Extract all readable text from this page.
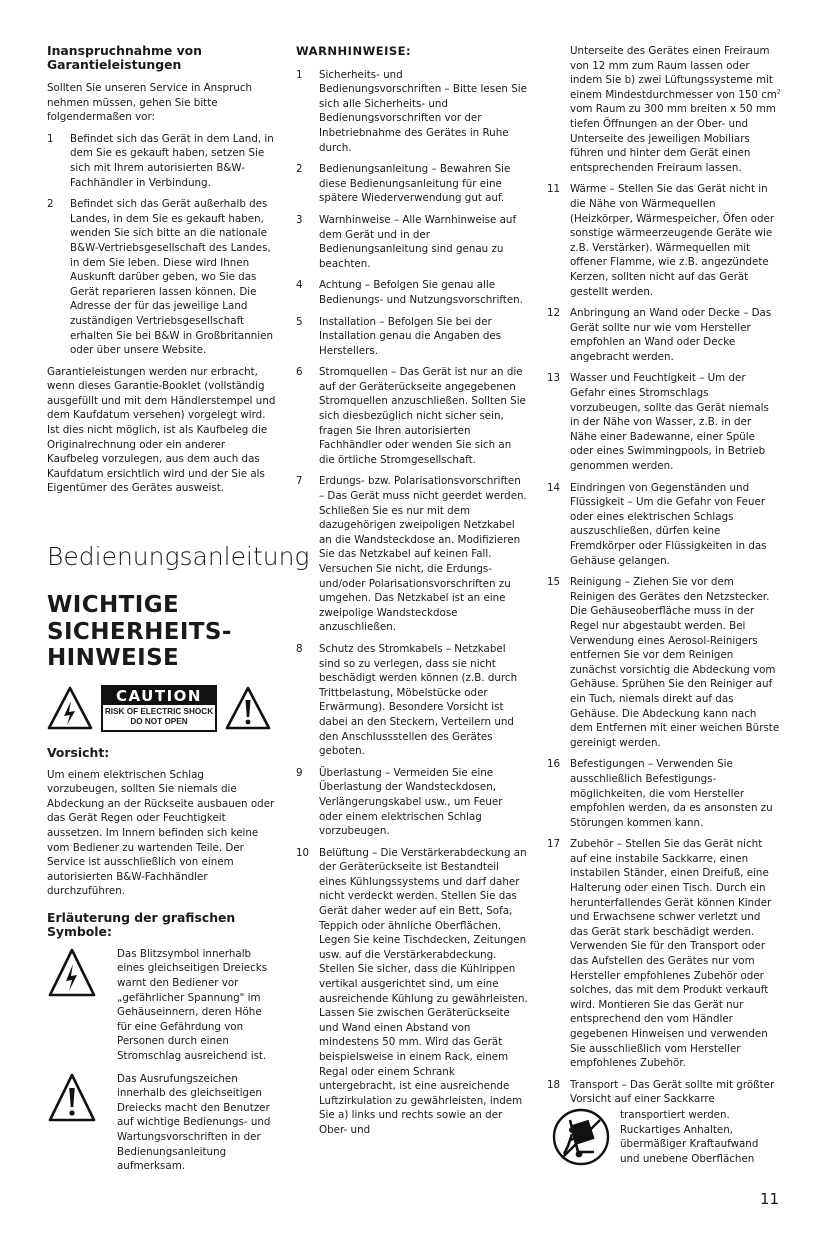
Inanspruchnahme von Garantieleistungen
Sollten Sie unseren Service in Anspruch nehmen müssen, gehen Sie bitte folgendermaßen vor:
1	Befindet sich das Gerät in dem Land, in dem Sie es gekauft haben, setzen Sie sich mit Ihrem autorisierten B&W-Fachhändler in Verbindung.
2	Befindet sich das Gerät außerhalb des Landes, in dem Sie es gekauft haben, wenden Sie sich bitte an die nationale B&W-Vertriebsgesellschaft des Landes, in dem Sie leben. Diese wird Ihnen Auskunft darüber geben, wo Sie das Gerät reparieren lassen können. Die Adresse der für das jeweilige Land zuständigen Vertriebsgesellschaft erhalten Sie bei B&W in Großbritannien oder über unsere Website.
Garantieleistungen werden nur erbracht, wenn dieses Garantie-Booklet (vollständig ausgefüllt und mit dem Händlerstempel und dem Kaufdatum versehen) vorgelegt wird. Ist dies nicht möglich, ist als Kaufbeleg die Originalrechnung oder ein anderer Kaufbeleg vorzulegen, aus dem auch das Kaufdatum ersichtlich wird und der Sie als Eigentümer des Gerätes ausweist.
Bedienungsanleitung
WICHTIGE SICHERHEITS-HINWEISE
CAUTION
RISK OF ELECTRIC SHOCK DO NOT OPEN
Vorsicht:
Um einem elektrischen Schlag vorzubeugen, sollten Sie niemals die Abdeckung an der Rückseite ausbauen oder das Gerät Regen oder Feuchtigkeit aussetzen. Im Innern befinden sich keine vom Bediener zu wartenden Teile. Der Service ist ausschließlich von einem autorisierten B&W-Fachhändler durchzuführen.
Erläuterung der grafischen Symbole:
Das Blitzsymbol innerhalb eines gleichseitigen Dreiecks warnt den Bediener vor „gefährlicher Spannung" im Gehäuseinnern, deren Höhe für eine Gefährdung von Personen durch einen Stromschlag ausreichend ist.
Das Ausrufungszeichen innerhalb des gleichseitigen Dreiecks macht den Benutzer auf wichtige Bedienungs- und Wartungsvorschriften in der Bedienungsanleitung aufmerksam.
WARNHINWEISE:
1	Sicherheits- und Bedienungsvorschriften – Bitte lesen Sie sich alle Sicherheits- und Bedienungsvorschriften vor der Inbetriebnahme des Gerätes in Ruhe durch.
2	Bedienungsanleitung – Bewahren Sie diese Bedienungsanleitung für eine spätere Wiederverwendung gut auf.
3	Warnhinweise – Alle Warnhinweise auf dem Gerät und in der Bedienungsanleitung sind genau zu beachten.
4	Achtung – Befolgen Sie genau alle Bedienungs- und Nutzungsvorschriften.
5	Installation – Befolgen Sie bei der Installation genau die Angaben des Herstellers.
6	Stromquellen – Das Gerät ist nur an die auf der Geräterückseite angegebenen Stromquellen anzuschließen. Sollten Sie sich diesbezüglich nicht sicher sein, fragen Sie Ihren autorisierten Fachhändler oder wenden Sie sich an die örtliche Stromgesellschaft.
7	Erdungs- bzw. Polarisationsvorschriften – Das Gerät muss nicht geerdet werden. Schließen Sie es nur mit dem dazugehörigen zweipoligen Netzkabel an die Wandsteckdose an. Modifizieren Sie das Netzkabel auf keinen Fall. Versuchen Sie nicht, die Erdungs- und/oder Polarisationsvorschriften zu umgehen. Das Netzkabel ist an eine zweipolige Wandsteckdose anzuschließen.
8	Schutz des Stromkabels – Netzkabel sind so zu verlegen, dass sie nicht beschädigt werden können (z.B. durch Trittbelastung, Möbelstücke oder Erwärmung). Besondere Vorsicht ist dabei an den Steckern, Verteilern und den Anschlussstellen des Gerätes geboten.
9	Überlastung – Vermeiden Sie eine Überlastung der Wandsteckdosen, Verlängerungskabel usw., um Feuer oder einem elektrischen Schlag vorzubeugen.
10 Belüftung – Die Verstärkerabdeckung an der Geräterückseite ist Bestandteil eines Kühlungssystems und darf daher nicht verdeckt werden. Stellen Sie das Gerät daher weder auf ein Bett, Sofa, Teppich oder ähnliche Oberflächen. Legen Sie keine Tischdecken, Zeitungen usw. auf die Verstärkerabdeckung. Stellen Sie sicher, dass die Kühlrippen vertikal ausgerichtet sind, um eine ausreichende Kühlung zu gewährleisten. Lassen Sie zwischen Geräterückseite und Wand einen Abstand von mindestens 50 mm. Wird das Gerät beispielsweise in einem Rack, einem Regal oder einem Schrank untergebracht, ist eine ausreichende Luftzirkulation zu gewährleisten, indem Sie a) links und rechts sowie an der Ober- und
Unterseite des Gerätes einen Freiraum von 12 mm zum Raum lassen oder indem Sie b) zwei Lüftungssysteme mit einem Mindestdurchmesser von 150 $cm^2$ vom Raum zu 300 mm breiten x 50 mm tiefen Öffnungen an der Ober- und Unterseite des jeweiligen Mobiliars führen und hinter dem Gerät einen entsprechenden Freiraum lassen.
11 Wärme – Stellen Sie das Gerät nicht in die Nähe von Wärmequellen (Heizkörper, Wärmespeicher, Öfen oder sonstige wärmeerzeugende Geräte wie z.B. Verstärker). Wärmequellen mit offener Flamme, wie z.B. angezündete Kerzen, sollten nicht auf das Gerät gestellt werden.
12 Anbringung an Wand oder Decke – Das Gerät sollte nur wie vom Hersteller empfohlen an Wand oder Decke angebracht werden.
13 Wasser und Feuchtigkeit – Um der Gefahr eines Stromschlags vorzubeugen, sollte das Gerät niemals in der Nähe von Wasser, z.B. in der Nähe einer Badewanne, einer Spüle oder eines Swimmingpools, in Betrieb genommen werden.
14 Eindringen von Gegenständen und Flüssigkeit – Um die Gefahr von Feuer oder eines elektrischen Schlags auszuschließen, dürfen keine Fremdkörper oder Flüssigkeiten in das Gehäuse gelangen.
15 Reinigung – Ziehen Sie vor dem Reinigen des Gerätes den Netzstecker. Die Gehäuseoberfläche muss in der Regel nur abgestaubt werden. Bei Verwendung eines Aerosol-Reinigers entfernen Sie vor dem Reinigen zunächst vorsichtig die Abdeckung vom Gehäuse. Sprühen Sie den Reiniger auf ein Tuch, niemals direkt auf das Gehäuse. Die Abdeckung kann nach dem Entfernen mit einer weichen Bürste gereinigt werden.
16 Befestigungen – Verwenden Sie ausschließlich Befestigungs-möglichkeiten, die vom Hersteller empfohlen werden, da es ansonsten zu Störungen kommen kann.
17 Zubehör – Stellen Sie das Gerät nicht auf eine instabile Sackkarre, einen instabilen Ständer, einen Dreifuß, eine Halterung oder einen Tisch. Durch ein herunterfallendes Gerät können Kinder und Erwachsene schwer verletzt und das Gerät stark beschädigt werden. Verwenden Sie für den Transport oder das Aufstellen des Gerätes nur vom Hersteller empfohlenes Zubehör oder solches, das mit dem Produkt verkauft wird. Montieren Sie das Gerät nur entsprechend den vom Händler gegebenen Hinweisen und verwenden Sie ausschließlich vom Hersteller empfohlenes Zubehör.
18 Transport – Das Gerät sollte mit größter Vorsicht auf einer Sackkarre
transportiert werden. Ruckartiges Anhalten, übermäßiger Kraftaufwand und unebene Oberflächen
11
